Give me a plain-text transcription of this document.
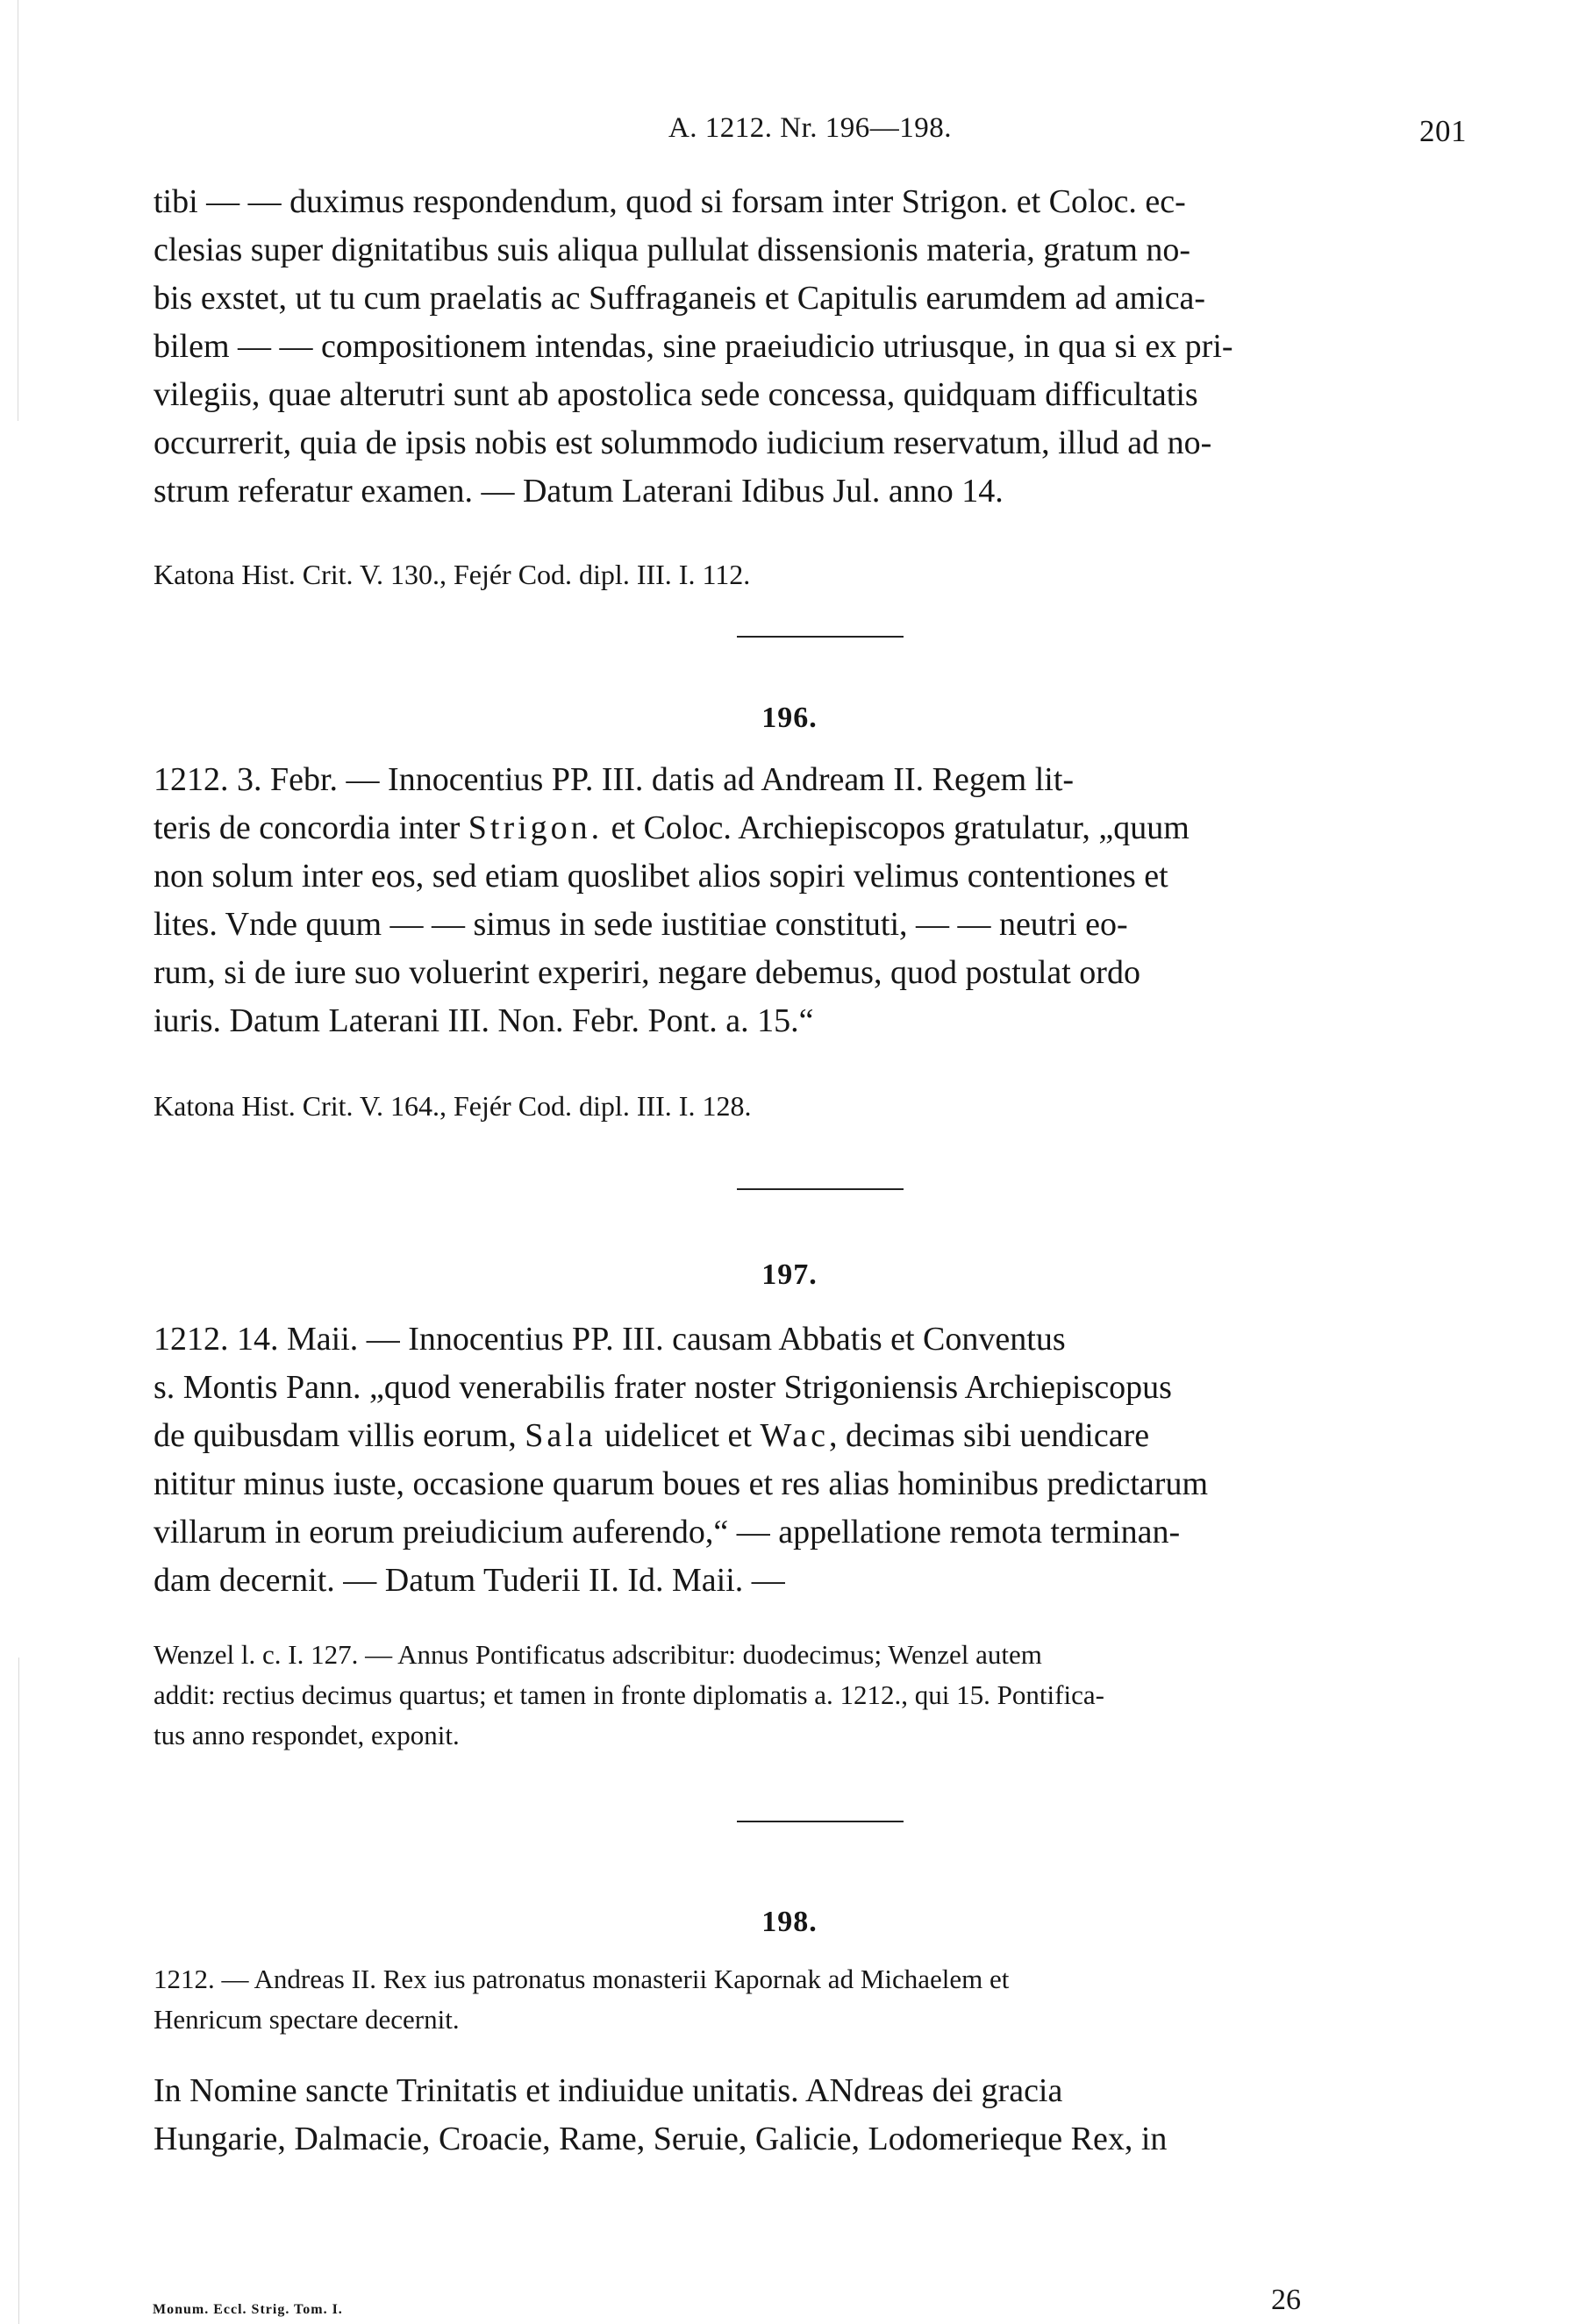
A. 1212. Nr. 196—198.	201
tibi — — duximus respondendum, quod si forsam inter Strigon. et Coloc. ec-
clesias super dignitatibus suis aliqua pullulat dissensionis materia, gratum no-
bis exstet, ut tu cum praelatis ac Suffraganeis et Capitulis earumdem ad amica-
bilem — — compositionem intendas, sine praeiudicio utriusque, in qua si ex pri-
vilegiis, quae alterutri sunt ab apostolica sede concessa, quidquam difficultatis
occurrerit, quia de ipsis nobis est solummodo iudicium reservatum, illud ad no-
strum referatur examen. — Datum Laterani Idibus Jul. anno 14.
Katona Hist. Crit. V. 130., Fejér Cod. dipl. III. I. 112.
196.
1212. 3. Febr. — Innocentius PP. III. datis ad Andream II. Regem lit-
teris de concordia inter Strigon. et Coloc. Archiepiscopos gratulatur, „quum
non solum inter eos, sed etiam quoslibet alios sopiri velimus contentiones et
lites. Vnde quum — — simus in sede iustitiae constituti, — — neutri eo-
rum, si de iure suo voluerint experiri, negare debemus, quod postulat ordo
iuris. Datum Laterani III. Non. Febr. Pont. a. 15.“
Katona Hist. Crit. V. 164., Fejér Cod. dipl. III. I. 128.
197.
1212. 14. Maii. — Innocentius PP. III. causam Abbatis et Conventus
s. Montis Pann. „quod venerabilis frater noster Strigoniensis Archiepiscopus
de quibusdam villis eorum, Sala uidelicet et Wac, decimas sibi uendicare
nititur minus iuste, occasione quarum boues et res alias hominibus predictarum
villarum in eorum preiudicium auferendo,“ — appellatione remota terminan-
dam decernit. — Datum Tuderii II. Id. Maii. —
Wenzel l. c. I. 127. — Annus Pontificatus adscribitur: duodecimus; Wenzel autem
addit: rectius decimus quartus; et tamen in fronte diplomatis a. 1212., qui 15. Pontifica-
tus anno respondet, exponit.
198.
1212. — Andreas II. Rex ius patronatus monasterii Kapornak ad Michaelem et
Henricum spectare decernit.
In Nomine sancte Trinitatis et indiuidue unitatis. ANdreas dei gracia
Hungarie, Dalmacie, Croacie, Rame, Seruie, Galicie, Lodomerieque Rex, in
Monum. Eccl. Strig. Tom. I.	26
